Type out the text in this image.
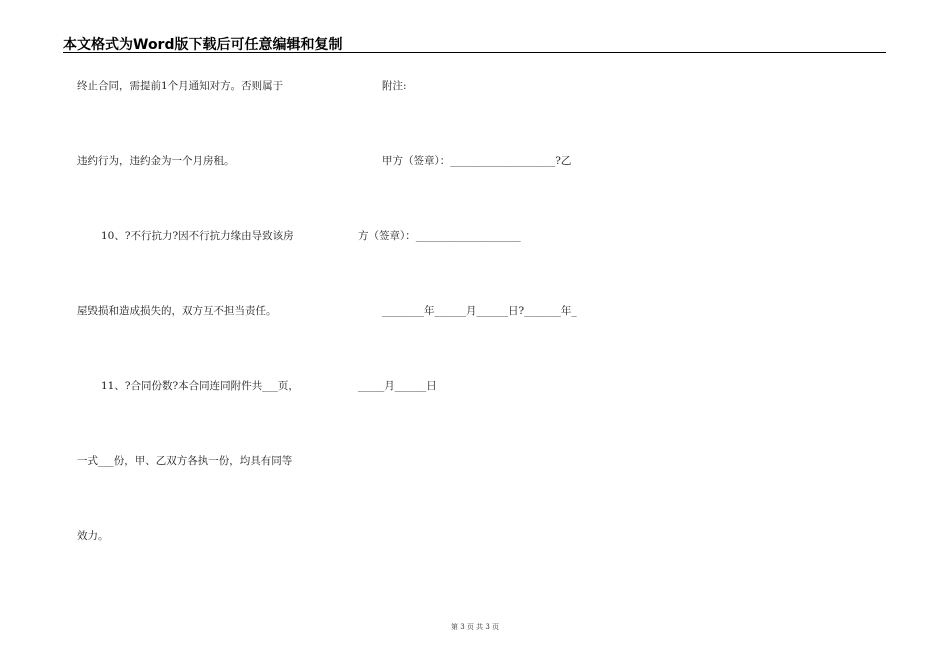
本文格式为Word版下载后可任意编辑和复制
终止合同，需提前1个月通知对方。否则属于
违约行为，违约金为一个月房租。
10、?不行抗力?因不行抗力缘由导致该房
屋毁损和造成损失的，双方互不担当责任。
11、?合同份数?本合同连同附件共___页，
一式___份，甲、乙双方各执一份，均具有同等
效力。
附注:
甲方（签章）：____________________?乙
方（签章）：____________________
________年______月______日?_______年_
_____月______日
第 3 页 共 3 页
